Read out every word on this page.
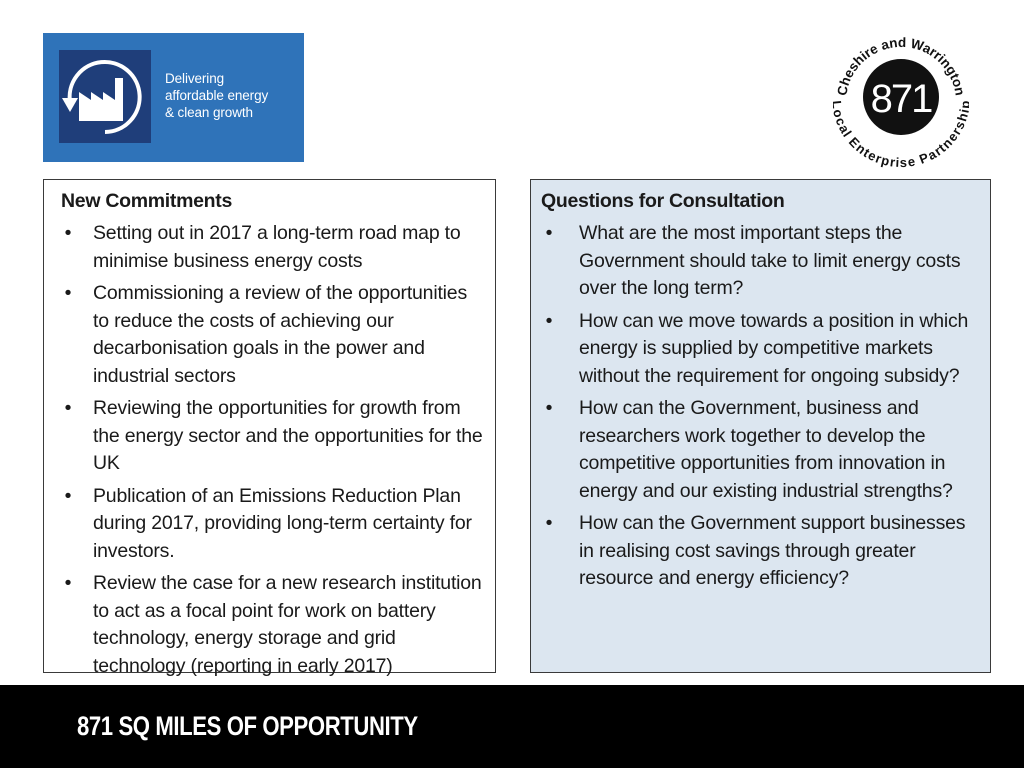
Delivering
affordable energy
& clean growth
Cheshire and Warrington
cal Enterprise Partners
871
New Commitments
• Setting out in 2017 a long-term road map to minimise business energy costs
• Commissioning a review of the opportunities to reduce the costs of achieving our decarbonisation goals in the power and industrial sectors
• Reviewing the opportunities for growth from the energy sector and the opportunities for the UK
• Publication of an Emissions Reduction Plan during 2017, providing long-term certainty for investors.
• Review the case for a new research institution to act as a focal point for work on battery technology, energy storage and grid technology (reporting in early 2017)
Questions for Consultation
• What are the most important steps the Government should take to limit energy costs over the long term?
• How can we move towards a position in which energy is supplied by competitive markets without the requirement for ongoing subsidy?
• How can the Government, business and researchers work together to develop the competitive opportunities from innovation in energy and our existing industrial strengths?
• How can the Government support businesses in realising cost savings through greater resource and energy efficiency?
871 SQ MILES OF OPPORTUNITY
